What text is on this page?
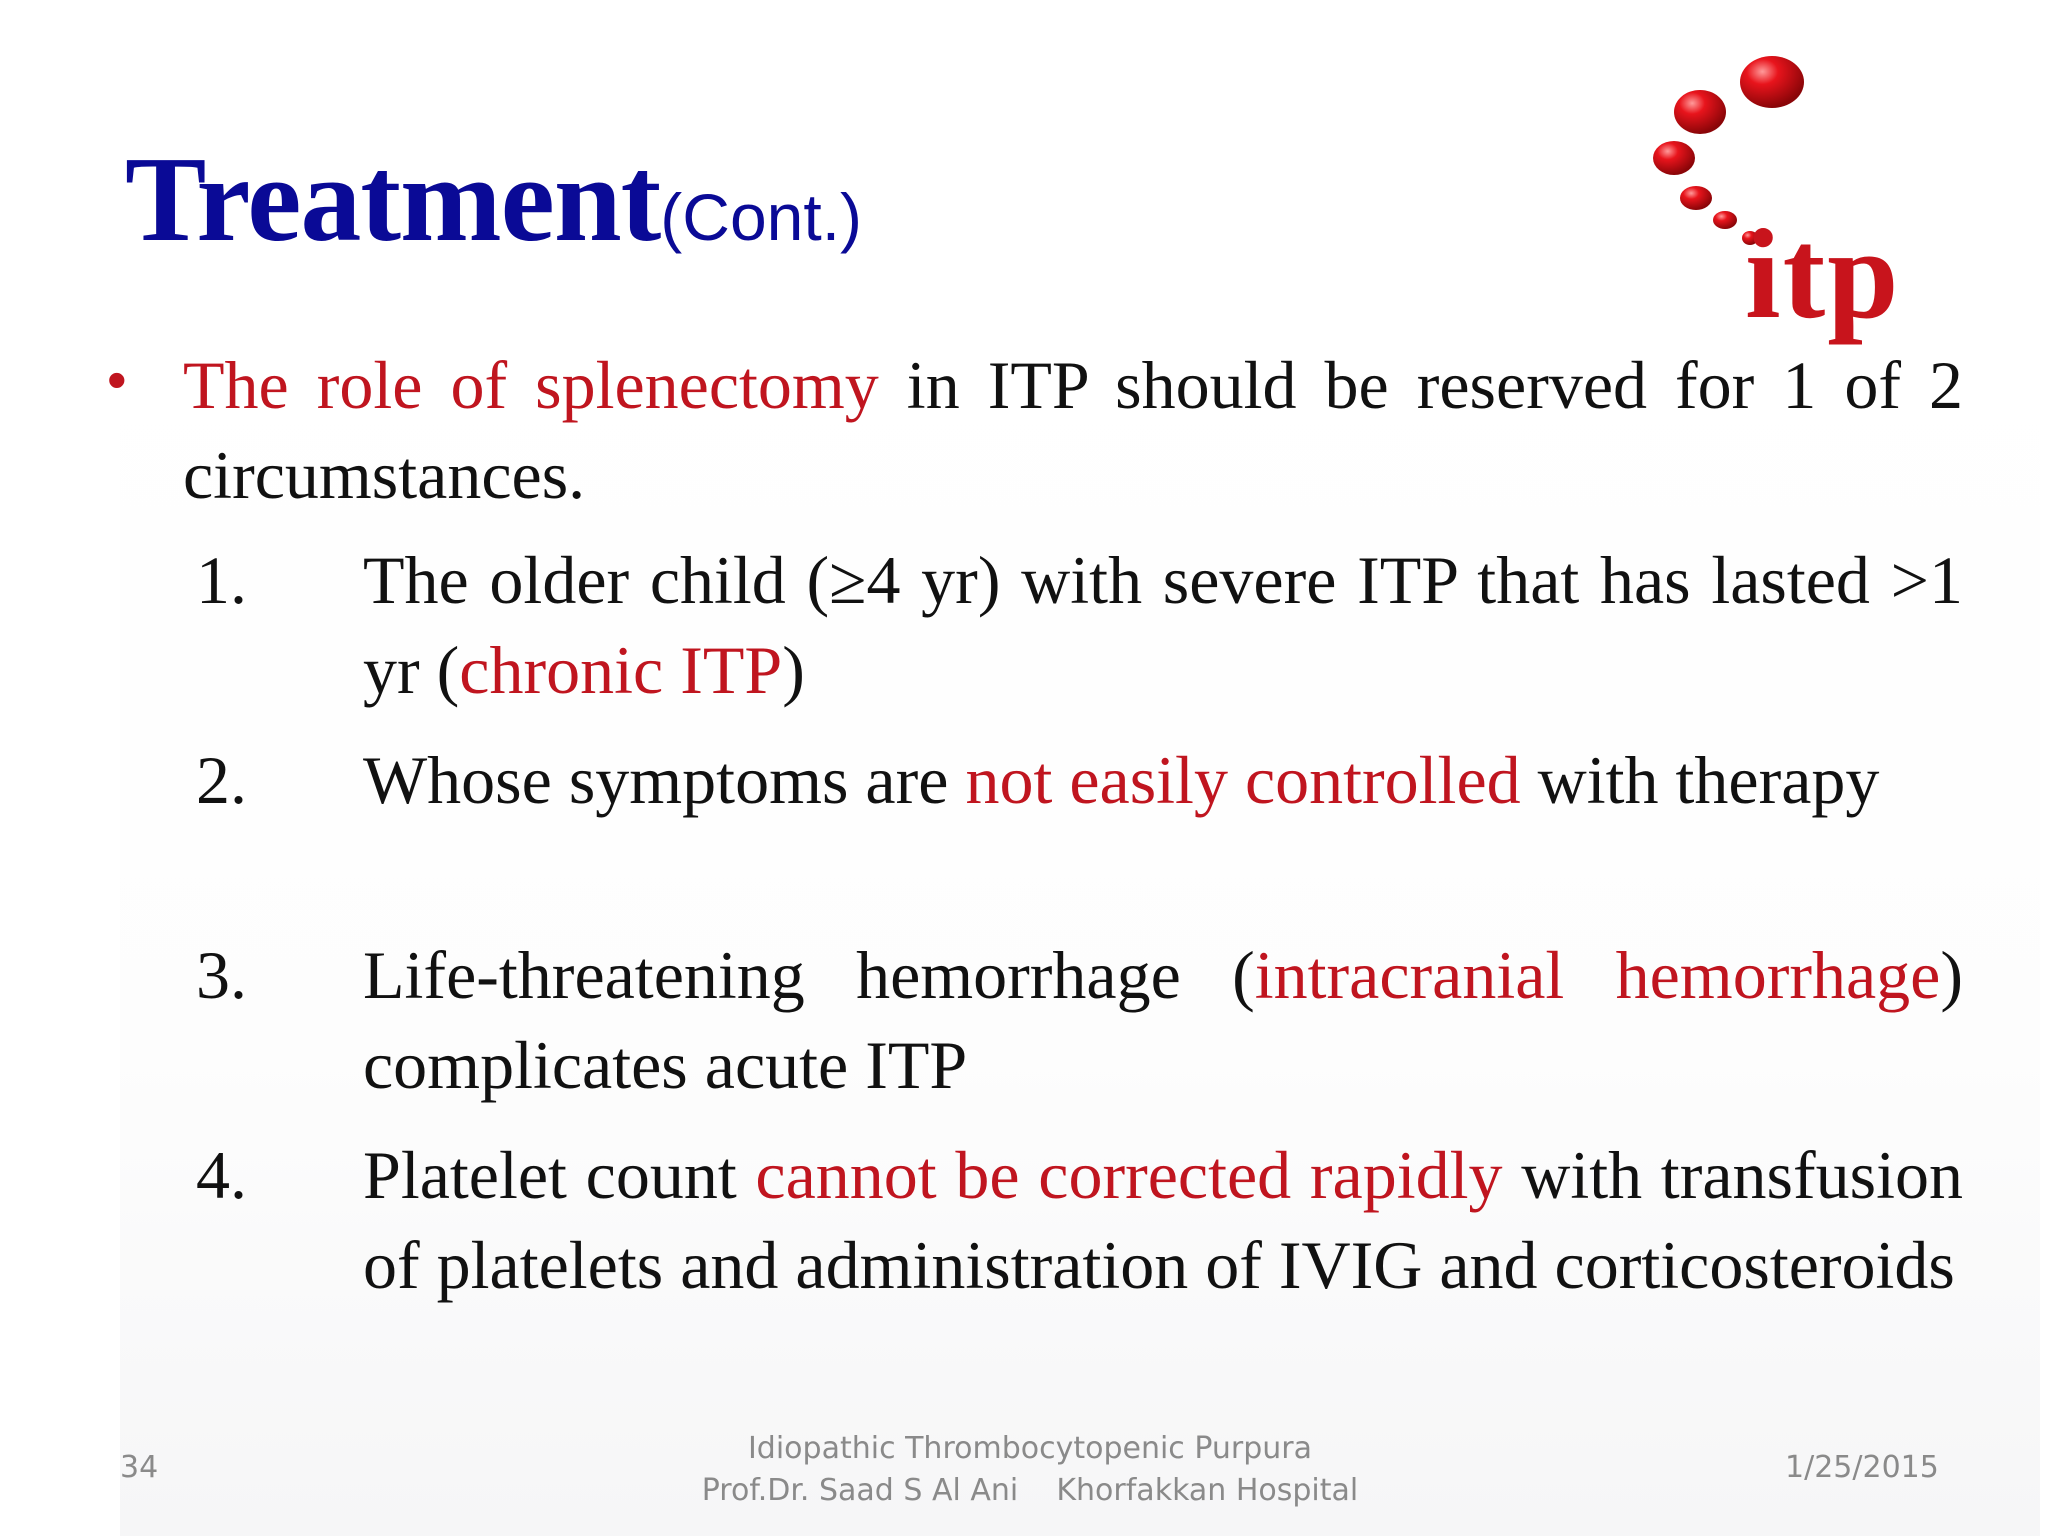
Treatment(Cont.)	itp
• The role of splenectomy in ITP should be reserved for 1 of 2 circumstances.
1. The older child (≥4 yr) with severe ITP that has lasted >1 yr (chronic ITP)
2. Whose symptoms are not easily controlled with therapy
3. Life-threatening hemorrhage (intracranial hemorrhage) complicates acute ITP
4. Platelet count cannot be corrected rapidly with transfusion of platelets and administration of IVIG and corticosteroids
34
Idiopathic Thrombocytopenic Purpura
Prof.Dr. Saad S Al Ani    Khorfakkan Hospital
1/25/2015
